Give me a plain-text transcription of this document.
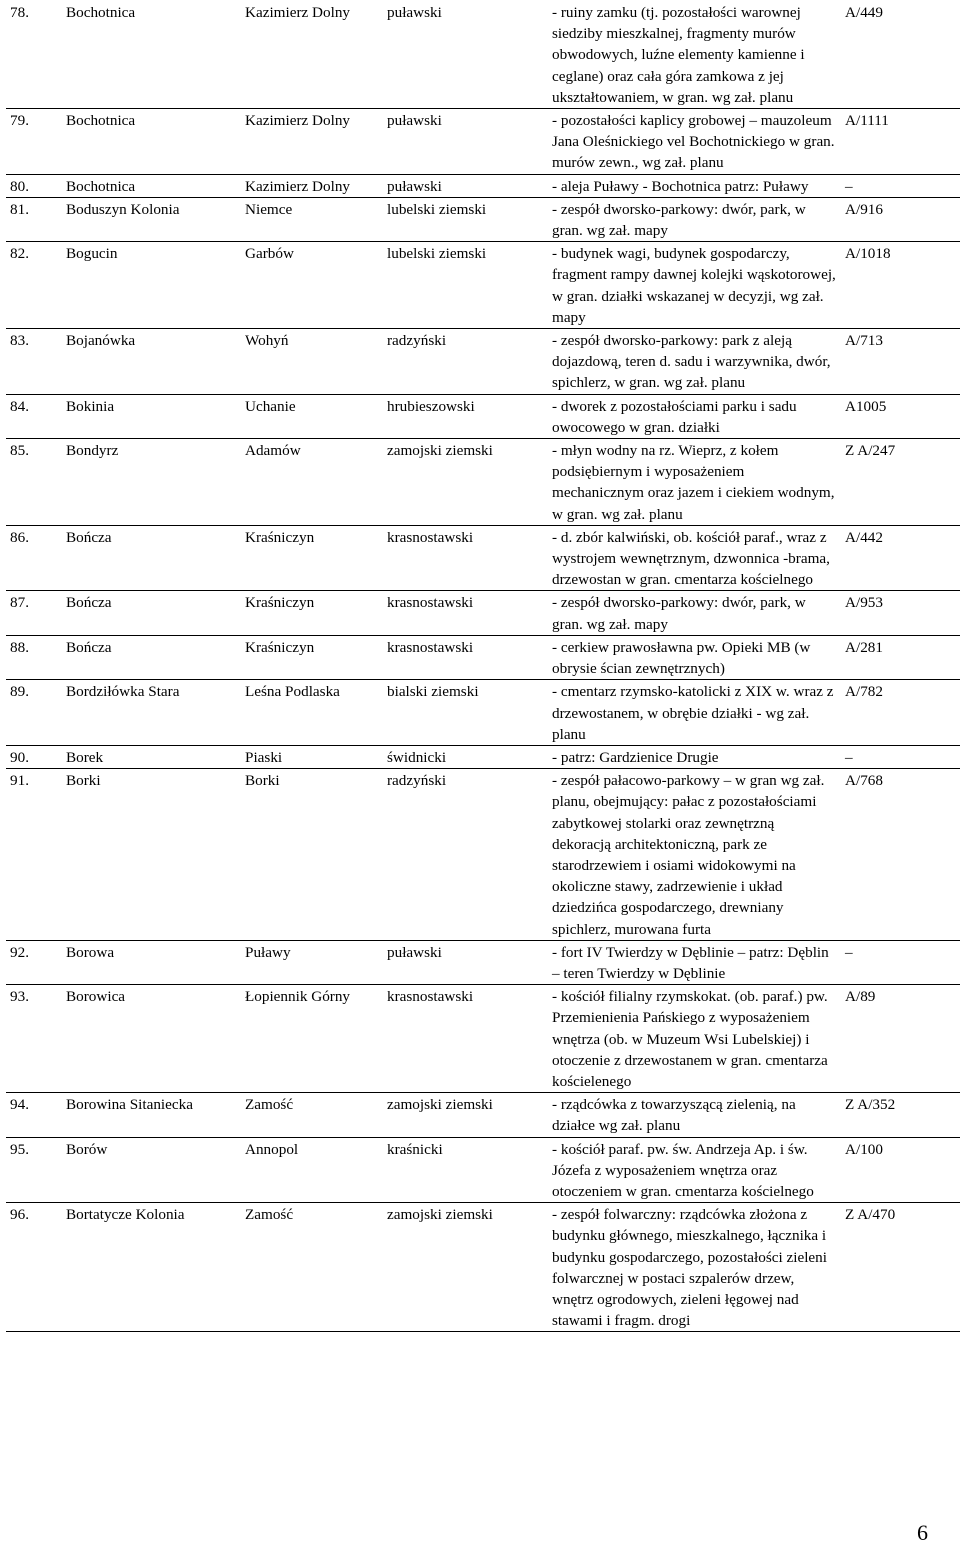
78.	Bochotnica	Kazimierz Dolny	puławski	- ruiny zamku (tj. pozostałości warownej siedziby mieszkalnej, fragmenty murów obwodowych, luźne elementy kamienne i ceglane) oraz cała góra zamkowa z jej ukształtowaniem, w gran. wg zał. planu	A/449
79.	Bochotnica	Kazimierz Dolny	puławski	- pozostałości kaplicy grobowej – mauzoleum Jana Oleśnickiego vel Bochotnickiego w gran. murów zewn., wg zał. planu	A/1111
80.	Bochotnica	Kazimierz Dolny	puławski	- aleja Puławy - Bochotnica patrz: Puławy	–
81.	Boduszyn Kolonia	Niemce	lubelski ziemski	- zespół dworsko-parkowy: dwór, park, w gran. wg zał. mapy	A/916
82.	Bogucin	Garbów	lubelski ziemski	- budynek wagi, budynek gospodarczy, fragment rampy dawnej kolejki wąskotorowej, w gran. działki wskazanej w decyzji, wg zał. mapy	A/1018
83.	Bojanówka	Wohyń	radzyński	- zespół dworsko-parkowy: park z aleją dojazdową, teren d. sadu i warzywnika, dwór, spichlerz, w gran. wg zał. planu	A/713
84.	Bokinia	Uchanie	hrubieszowski	- dworek z pozostałościami parku i sadu owocowego w gran. działki	A1005
85.	Bondyrz	Adamów	zamojski ziemski	- młyn wodny na rz. Wieprz, z kołem podsiębiernym i wyposażeniem mechanicznym oraz jazem i ciekiem wodnym, w gran. wg zał. planu	Z A/247
86.	Bończa	Kraśniczyn	krasnostawski	- d. zbór kalwiński, ob. kościół paraf., wraz z wystrojem wewnętrznym, dzwonnica -brama, drzewostan w gran. cmentarza kościelnego	A/442
87.	Bończa	Kraśniczyn	krasnostawski	- zespół dworsko-parkowy: dwór, park, w gran. wg zał. mapy	A/953
88.	Bończa	Kraśniczyn	krasnostawski	- cerkiew prawosławna pw. Opieki MB (w obrysie ścian zewnętrznych)	A/281
89.	Bordziłówka Stara	Leśna Podlaska	bialski ziemski	- cmentarz rzymsko-katolicki z XIX w. wraz z drzewostanem, w obrębie działki - wg zał. planu	A/782
90.	Borek	Piaski	świdnicki	- patrz: Gardzienice Drugie	–
91.	Borki	Borki	radzyński	- zespół pałacowo-parkowy – w gran wg zał. planu, obejmujący: pałac z pozostałościami zabytkowej stolarki oraz zewnętrzną dekoracją architektoniczną, park ze starodrzewiem i osiami widokowymi na okoliczne stawy, zadrzewienie i układ dziedzińca gospodarczego, drewniany spichlerz, murowana furta	A/768
92.	Borowa	Puławy	puławski	- fort IV Twierdzy w Dęblinie – patrz: Dęblin – teren Twierdzy w Dęblinie	–
93.	Borowica	Łopiennik Górny	krasnostawski	- kościół filialny rzymskokat. (ob. paraf.) pw. Przemienienia Pańskiego z wyposażeniem wnętrza (ob. w Muzeum Wsi Lubelskiej) i otoczenie z drzewostanem w gran. cmentarza kościelenego	A/89
94.	Borowina Sitaniecka	Zamość	zamojski ziemski	- rządcówka z towarzyszącą zielenią, na działce wg zał. planu	Z A/352
95.	Borów	Annopol	kraśnicki	- kościół paraf. pw. św. Andrzeja Ap. i św. Józefa z wyposażeniem wnętrza oraz otoczeniem w gran. cmentarza kościelnego	A/100
96.	Bortatycze Kolonia	Zamość	zamojski ziemski	- zespół folwarczny: rządcówka złożona z budynku głównego, mieszkalnego, łącznika i budynku gospodarczego, pozostałości zieleni folwarcznej w postaci szpalerów drzew, wnętrz ogrodowych, zieleni łęgowej nad stawami i fragm. drogi	Z A/470
6
